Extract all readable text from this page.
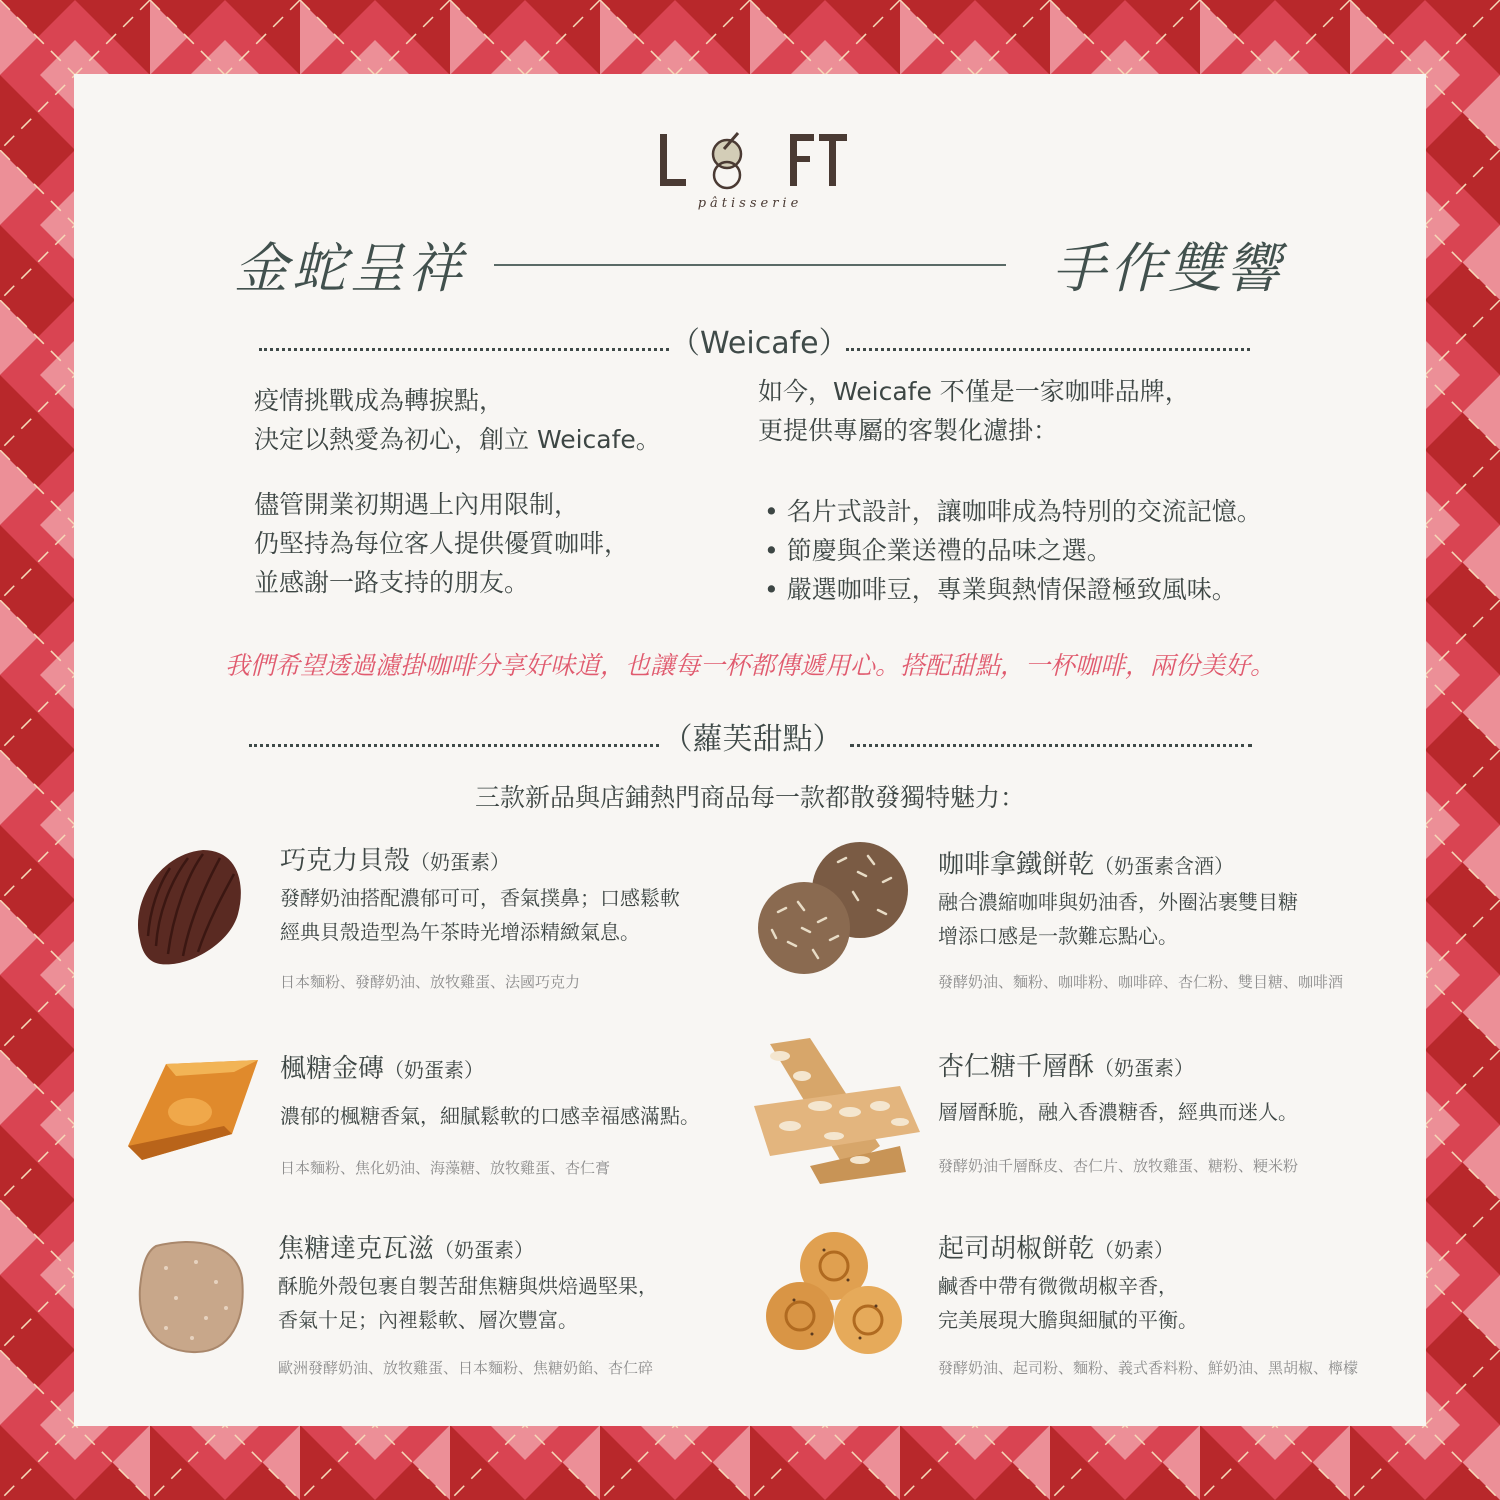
pâtisserie
金蛇呈祥	手作雙響
（Weicafe）
疫情挑戰成為轉捩點，
決定以熱愛為初心，創立 Weicafe。
儘管開業初期遇上內用限制，
仍堅持為每位客人提供優質咖啡，
並感謝一路支持的朋友。
如今，Weicafe 不僅是一家咖啡品牌，
更提供專屬的客製化濾掛：
• 名片式設計，讓咖啡成為特別的交流記憶。
• 節慶與企業送禮的品味之選。
• 嚴選咖啡豆，專業與熱情保證極致風味。
我們希望透過濾掛咖啡分享好味道，也讓每一杯都傳遞用心。搭配甜點，一杯咖啡，兩份美好。
（蘿芙甜點）
三款新品與店鋪熱門商品每一款都散發獨特魅力：
巧克力貝殼（奶蛋素）
發酵奶油搭配濃郁可可，香氣撲鼻；口感鬆軟
經典貝殼造型為午茶時光增添精緻氣息。
日本麵粉、發酵奶油、放牧雞蛋、法國巧克力
楓糖金磚（奶蛋素）
濃郁的楓糖香氣，細膩鬆軟的口感幸福感滿點。
日本麵粉、焦化奶油、海藻糖、放牧雞蛋、杏仁膏
焦糖達克瓦滋（奶蛋素）
酥脆外殼包裹自製苦甜焦糖與烘焙過堅果，
香氣十足；內裡鬆軟、層次豐富。
歐洲發酵奶油、放牧雞蛋、日本麵粉、焦糖奶餡、杏仁碎
咖啡拿鐵餅乾（奶蛋素含酒）
融合濃縮咖啡與奶油香，外圈沾裹雙目糖
增添口感是一款難忘點心。
發酵奶油、麵粉、咖啡粉、咖啡碎、杏仁粉、雙目糖、咖啡酒
杏仁糖千層酥（奶蛋素）
層層酥脆，融入香濃糖香，經典而迷人。
發酵奶油千層酥皮、杏仁片、放牧雞蛋、糖粉、粳米粉
起司胡椒餅乾（奶素）
鹹香中帶有微微胡椒辛香，
完美展現大膽與細膩的平衡。
發酵奶油、起司粉、麵粉、義式香料粉、鮮奶油、黑胡椒、檸檬
